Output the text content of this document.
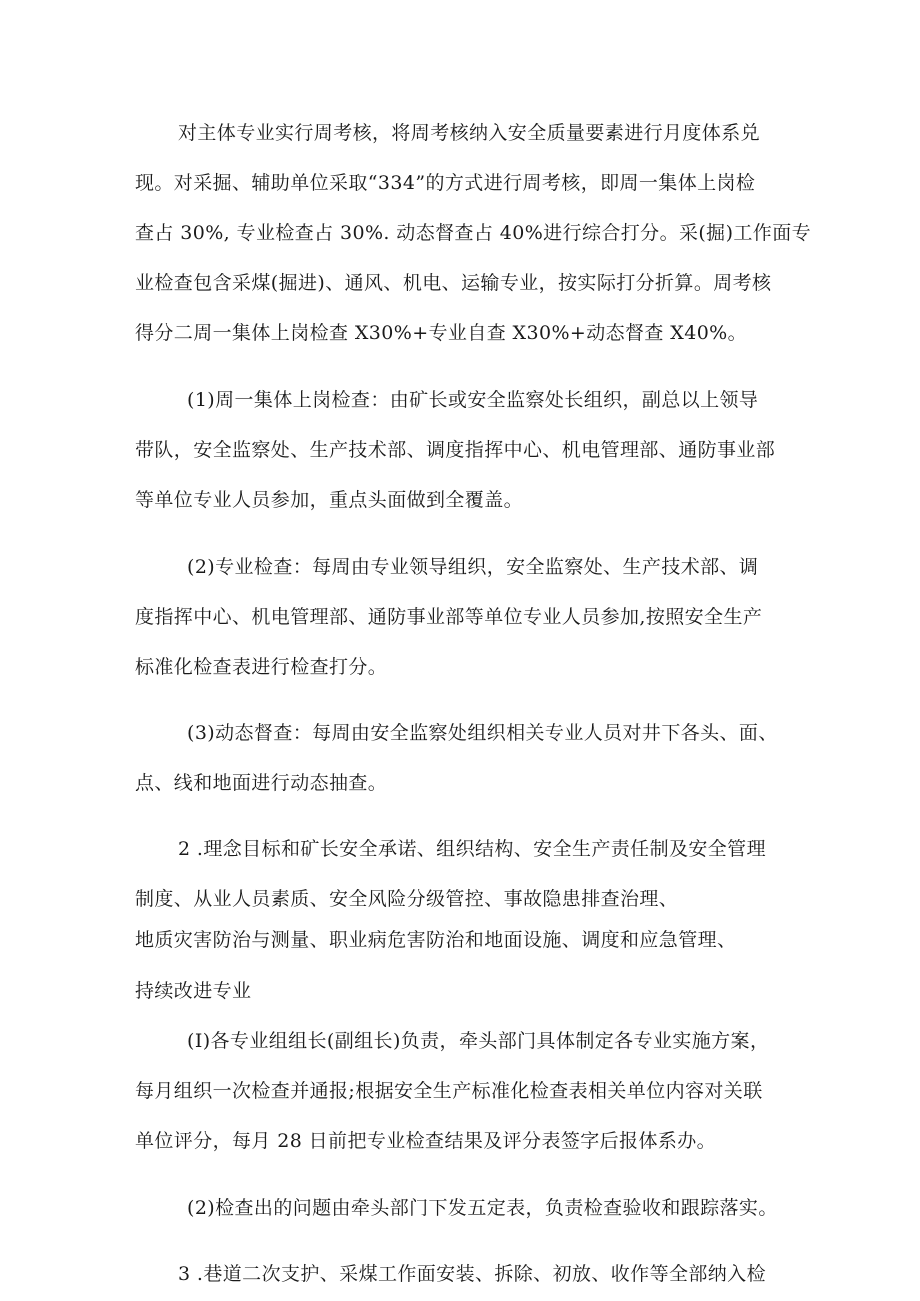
对主体专业实行周考核，将周考核纳入安全质量要素进行月度体系兑
现。对采掘、辅助单位采取“334”的方式进行周考核，即周一集体上岗检
查占 30%, 专业检查占 30%. 动态督查占 40%进行综合打分。采(掘)工作面专
业检查包含采煤(掘进)、通风、机电、运输专业，按实际打分折算。周考核
得分二周一集体上岗检查 X30%+专业自查 X30%+动态督查 X40%。
(1)周一集体上岗检查：由矿长或安全监察处长组织，副总以上领导
带队，安全监察处、生产技术部、调度指挥中心、机电管理部、通防事业部
等单位专业人员参加，重点头面做到全覆盖。
(2)专业检查：每周由专业领导组织，安全监察处、生产技术部、调
度指挥中心、机电管理部、通防事业部等单位专业人员参加,按照安全生产
标准化检查表进行检查打分。
(3)动态督查：每周由安全监察处组织相关专业人员对井下各头、面、
点、线和地面进行动态抽查。
2 .理念目标和矿长安全承诺、组织结构、安全生产责任制及安全管理
制度、从业人员素质、安全风险分级管控、事故隐患排查治理、
地质灾害防治与测量、职业病危害防治和地面设施、调度和应急管理、
持续改进专业
(I)各专业组组长(副组长)负责，牵头部门具体制定各专业实施方案，
每月组织一次检查并通报;根据安全生产标准化检查表相关单位内容对关联
单位评分，每月 28 日前把专业检查结果及评分表签字后报体系办。
(2)检查出的问题由牵头部门下发五定表，负责检查验收和跟踪落实。
3 .巷道二次支护、采煤工作面安装、拆除、初放、收作等全部纳入检
